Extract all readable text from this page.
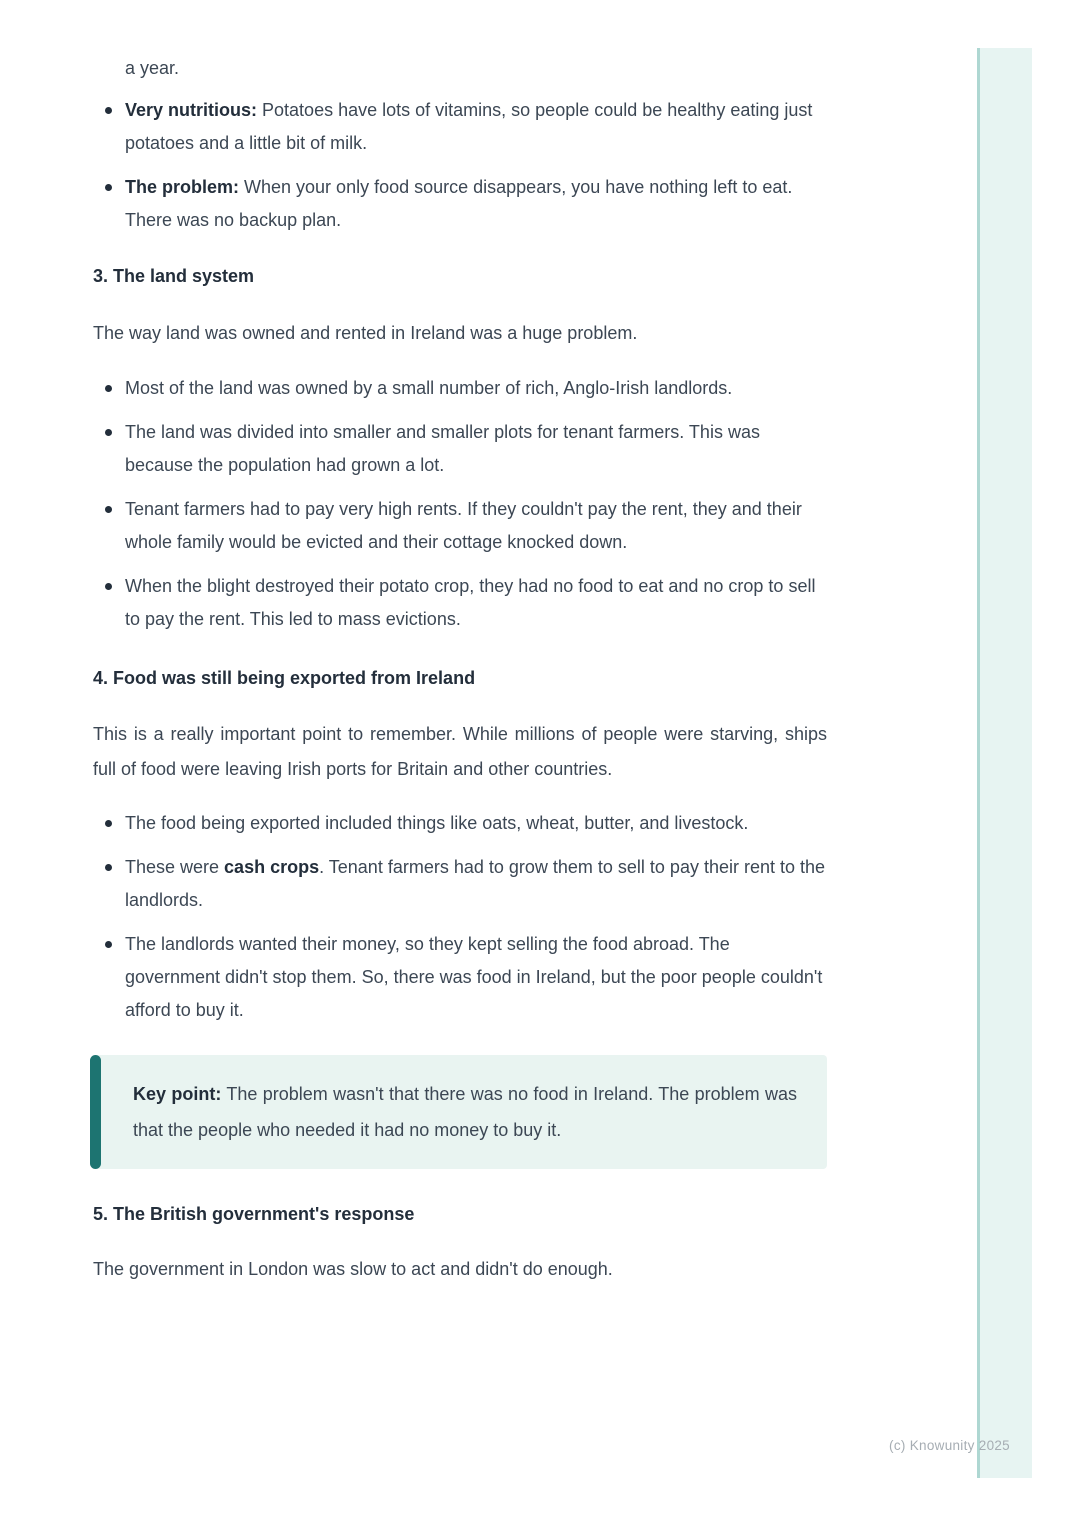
a year.

Very nutritious: Potatoes have lots of vitamins, so people could be healthy eating just potatoes and a little bit of milk.
The problem: When your only food source disappears, you have nothing left to eat. There was no backup plan.
3. The land system

The way land was owned and rented in Ireland was a huge problem.

Most of the land was owned by a small number of rich, Anglo-Irish landlords.
The land was divided into smaller and smaller plots for tenant farmers. This was because the population had grown a lot.
Tenant farmers had to pay very high rents. If they couldn't pay the rent, they and their whole family would be evicted and their cottage knocked down.
When the blight destroyed their potato crop, they had no food to eat and no crop to sell to pay the rent. This led to mass evictions.
4. Food was still being exported from Ireland

This is a really important point to remember. While millions of people were starving, ships full of food were leaving Irish ports for Britain and other countries.

The food being exported included things like oats, wheat, butter, and livestock.
These were cash crops. Tenant farmers had to grow them to sell to pay their rent to the landlords.
The landlords wanted their money, so they kept selling the food abroad. The government didn't stop them. So, there was food in Ireland, but the poor people couldn't afford to buy it.
Key point: The problem wasn't that there was no food in Ireland. The problem was that the people who needed it had no money to buy it.
5. The British government's response

The government in London was slow to act and didn't do enough.

(c) Knowunity 2025
